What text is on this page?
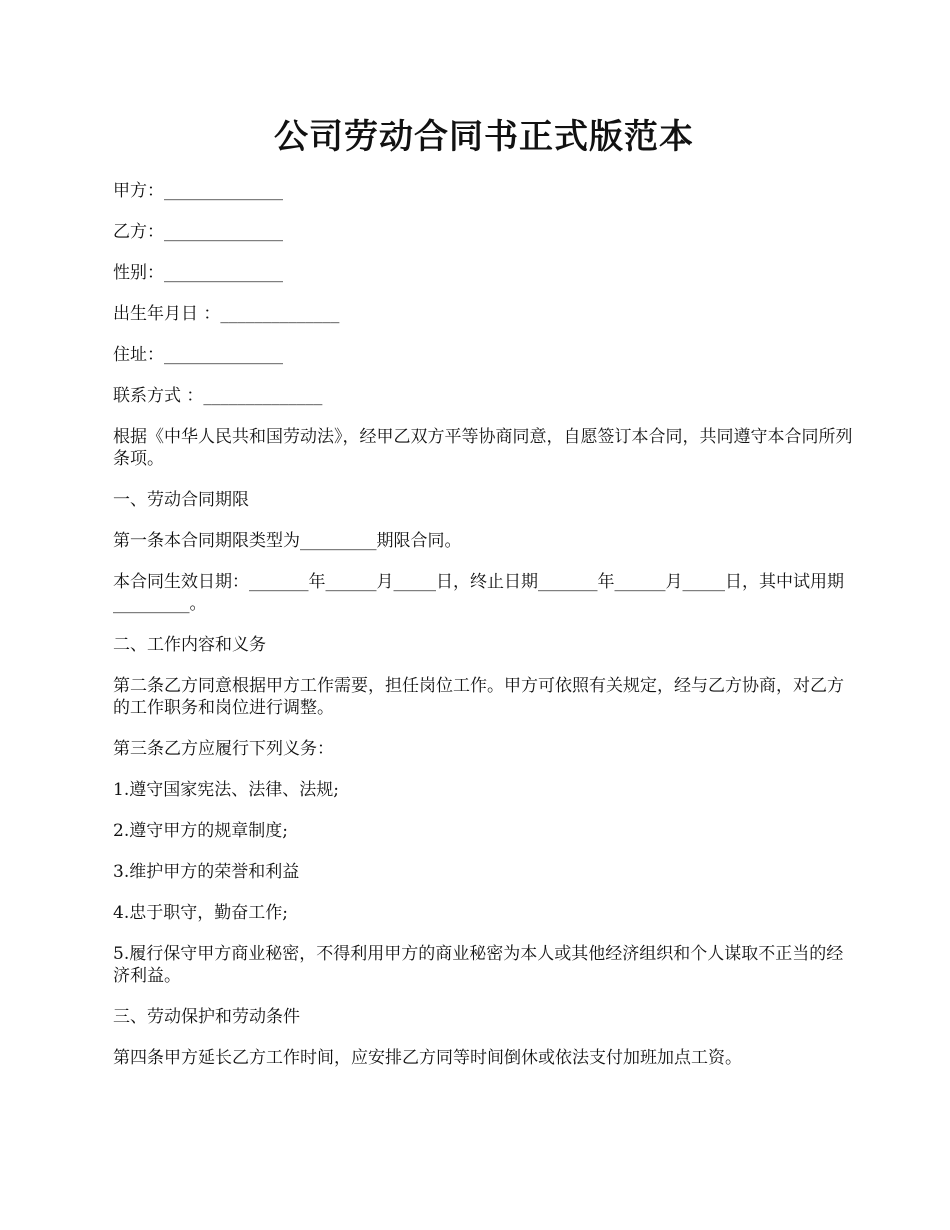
公司劳动合同书正式版范本

甲方：______________

乙方：______________

性别：______________

出生年月日 ：______________

住址：______________

联系方式 ：______________

根据《中华人民共和国劳动法》，经甲乙双方平等协商同意，自愿签订本合同，共同遵守本合同所列条项。

一、劳动合同期限

第一条本合同期限类型为_________期限合同。

本合同生效日期：_______年______月_____日，终止日期_______年______月_____日，其中试用期_________。

二、工作内容和义务

第二条乙方同意根据甲方工作需要，担任岗位工作。甲方可依照有关规定，经与乙方协商，对乙方的工作职务和岗位进行调整。

第三条乙方应履行下列义务：

1.遵守国家宪法、法律、法规;

2.遵守甲方的规章制度;

3.维护甲方的荣誉和利益

4.忠于职守，勤奋工作;

5.履行保守甲方商业秘密，不得利用甲方的商业秘密为本人或其他经济组织和个人谋取不正当的经济利益。

三、劳动保护和劳动条件

第四条甲方延长乙方工作时间，应安排乙方同等时间倒休或依法支付加班加点工资。
